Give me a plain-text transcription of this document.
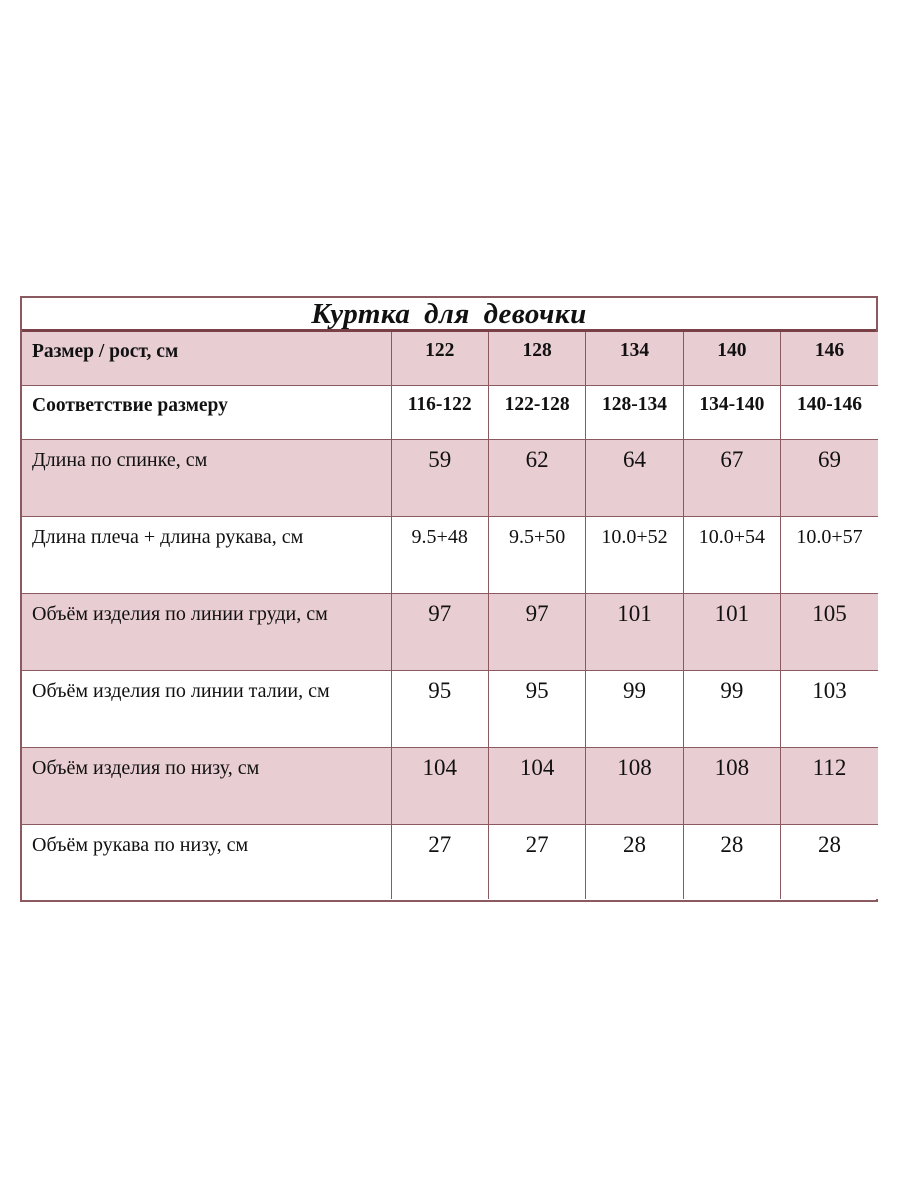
Куртка для девочки
Размер / рост, см	122	128	134	140	146
Соответствие размеру	116-122	122-128	128-134	134-140	140-146
Длина по спинке, см	59	62	64	67	69
Длина плеча + длина рукава, см	9.5+48	9.5+50	10.0+52	10.0+54	10.0+57
Объём изделия по линии груди, см	97	97	101	101	105
Объём изделия по линии талии, см	95	95	99	99	103
Объём изделия по низу, см	104	104	108	108	112
Объём рукава по низу, см	27	27	28	28	28
